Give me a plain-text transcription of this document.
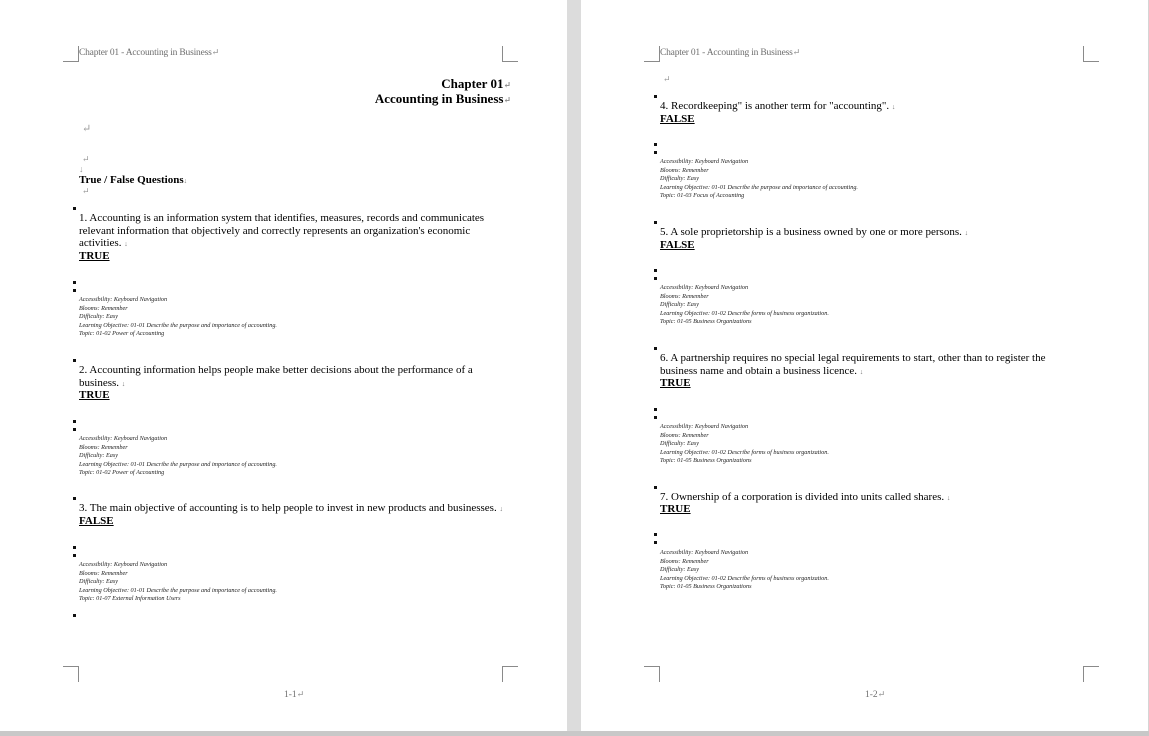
Chapter 01 - Accounting in Business↵
Chapter 01↵
Accounting in Business↵
↵
↵
↓
True / False Questions↓
↵
1. Accounting is an information system that identifies, measures, records and communicates relevant information that objectively and correctly represents an organization's economic activities. ↓
TRUE
Accessibility: Keyboard Navigation
Blooms: Remember
Difficulty: Easy
Learning Objective: 01-01 Describe the purpose and importance of accounting.
Topic: 01-02 Power of Accounting
2. Accounting information helps people make better decisions about the performance of a business. ↓
TRUE
Accessibility: Keyboard Navigation
Blooms: Remember
Difficulty: Easy
Learning Objective: 01-01 Describe the purpose and importance of accounting.
Topic: 01-02 Power of Accounting
3. The main objective of accounting is to help people to invest in new products and businesses. ↓
FALSE
Accessibility: Keyboard Navigation
Blooms: Remember
Difficulty: Easy
Learning Objective: 01-01 Describe the purpose and importance of accounting.
Topic: 01-07 External Information Users
1-1↵
Chapter 01 - Accounting in Business↵
↵
4. Recordkeeping" is another term for "accounting". ↓
FALSE
Accessibility: Keyboard Navigation
Blooms: Remember
Difficulty: Easy
Learning Objective: 01-01 Describe the purpose and importance of accounting.
Topic: 01-03 Focus of Accounting
5. A sole proprietorship is a business owned by one or more persons. ↓
FALSE
Accessibility: Keyboard Navigation
Blooms: Remember
Difficulty: Easy
Learning Objective: 01-02 Describe forms of business organization.
Topic: 01-05 Business Organizations
6. A partnership requires no special legal requirements to start, other than to register the business name and obtain a business licence. ↓
TRUE
Accessibility: Keyboard Navigation
Blooms: Remember
Difficulty: Easy
Learning Objective: 01-02 Describe forms of business organization.
Topic: 01-05 Business Organizations
7. Ownership of a corporation is divided into units called shares. ↓
TRUE
Accessibility: Keyboard Navigation
Blooms: Remember
Difficulty: Easy
Learning Objective: 01-02 Describe forms of business organization.
Topic: 01-05 Business Organizations
1-2↵
